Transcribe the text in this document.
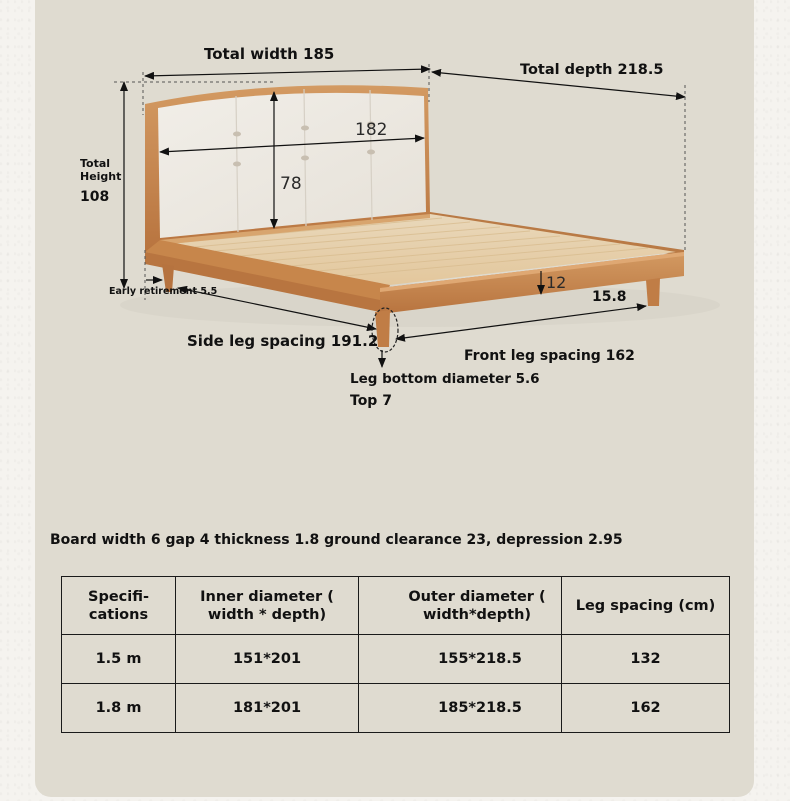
Total width 185
Total depth 218.5
Total
Height
108
182
78
12
Early retirement 5.5	15.8
Side leg spacing 191.2
Front leg spacing 162
Leg bottom diameter 5.6
Top 7
Board width 6 gap 4 thickness 1.8 ground clearance 23, depression 2.95
Specifi-
cations

Inner diameter (
width * depth)

Outer diameter (
width*depth)

Leg spacing (cm)

1.5 m	151*201	155*218.5	132
1.8 m	181*201	185*218.5	162
